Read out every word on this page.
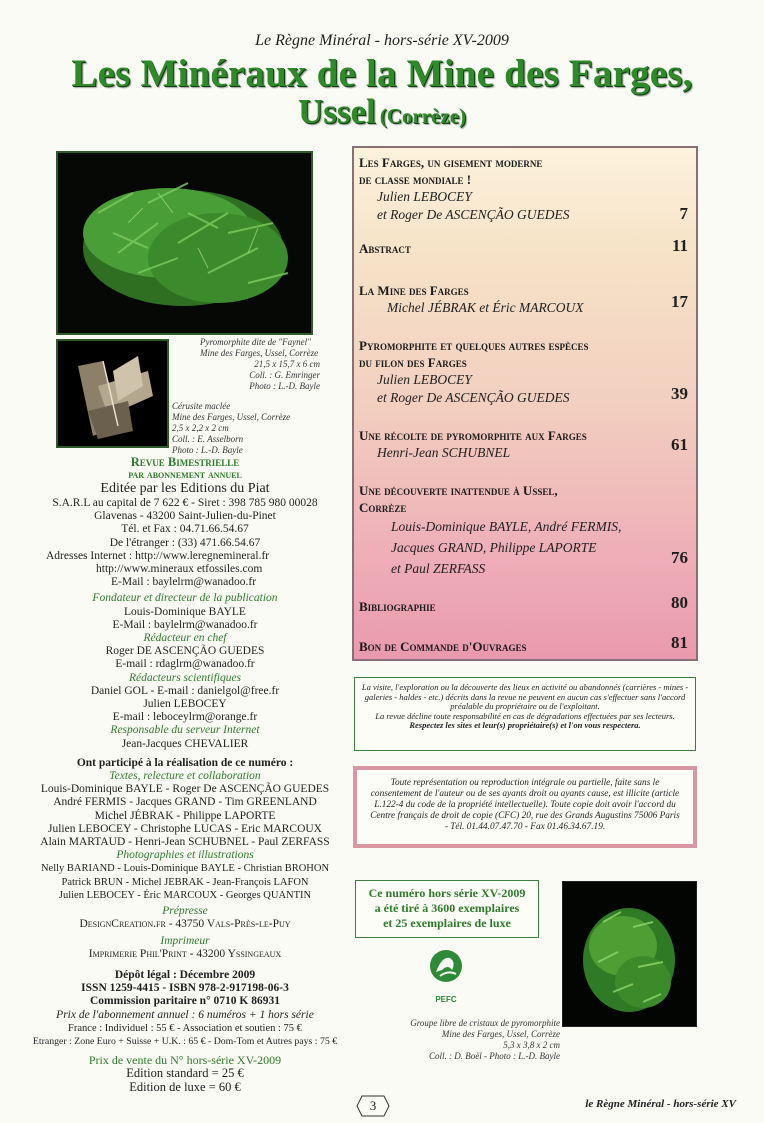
Le Règne Minéral - hors-série XV-2009
Les Minéraux de la Mine des Farges,
Ussel (Corrèze)
Pyromorphite dite de "Faynel"
Mine des Farges, Ussel, Corrèze
21,5 x 15,7 x 6 cm
Coll. : G. Emringer
Photo : L.-D. Bayle
Cérusite maclée
Mine des Farges, Ussel, Corrèze
2,5 x 2,2 x 2 cm
Coll. : E. Asselborn
Photo : L.-D. Bayle
Revue Bimestrielle
par abonnement annuel
Editée par les Editions du Piat
S.A.R.L au capital de 7 622 € - Siret : 398 785 980 00028
Glavenas - 43200 Saint-Julien-du-Pinet
Tél. et Fax : 04.71.66.54.67
De l'étranger : (33) 471.66.54.67
Adresses Internet : http://www.leregnemineral.fr
http://www.mineraux etfossiles.com
E-Mail : baylelrm@wanadoo.fr
Fondateur et directeur de la publication
Louis-Dominique BAYLE
E-Mail : baylelrm@wanadoo.fr
Rédacteur en chef
Roger DE ASCENÇÃO GUEDES
E-mail : rdaglrm@wanadoo.fr
Rédacteurs scientifiques
Daniel GOL - E-mail : danielgol@free.fr
Julien LEBOCEY
E-mail : leboceylrm@orange.fr
Responsable du serveur Internet
Jean-Jacques CHEVALIER
Ont participé à la réalisation de ce numéro :
Textes, relecture et collaboration
Louis-Dominique BAYLE - Roger De ASCENÇÃO GUEDES
André FERMIS - Jacques GRAND - Tim GREENLAND
Michel JÉBRAK - Philippe LAPORTE
Julien LEBOCEY - Christophe LUCAS - Eric MARCOUX
Alain MARTAUD - Henri-Jean SCHUBNEL - Paul ZERFASS
Photographies et illustrations
Nelly BARIAND - Louis-Dominique BAYLE - Christian BROHON
Patrick BRUN - Michel JEBRAK - Jean-François LAFON
Julien LEBOCEY - Éric MARCOUX - Georges QUANTIN
Prépresse
DesignCreation.fr - 43750 Vals-Près-le-Puy
Imprimeur
Imprimerie Phil'Print - 43200 Yssingeaux
Dépôt légal : Décembre 2009
ISSN 1259-4415 - ISBN 978-2-917198-06-3
Commission paritaire n° 0710 K 86931
Prix de l'abonnement annuel : 6 numéros + 1 hors série
France : Individuel : 55 € - Association et soutien : 75 €
Etranger : Zone Euro + Suisse + U.K. : 65 € - Dom-Tom et Autres pays : 75 €
Prix de vente du N° hors-série XV-2009
Edition standard = 25 €
Edition de luxe = 60 €
Les Farges, un gisement moderne
de classe mondiale !
Julien LEBOCEY
et Roger De ASCENÇÃO GUEDES	7
Abstract	11
La Mine des Farges
Michel JÉBRAK et Éric MARCOUX	17
Pyromorphite et quelques autres espèces
du filon des Farges
Julien LEBOCEY
et Roger De ASCENÇÃO GUEDES	39
Une récolte de pyromorphite aux Farges
Henri-Jean SCHUBNEL	61
Une découverte inattendue à Ussel,
Corrèze
Louis-Dominique BAYLE, André FERMIS,
Jacques GRAND, Philippe LAPORTE
et Paul ZERFASS
76
Bibliographie	80
Bon de Commande d'Ouvrages	81
La visite, l'exploration ou la découverte des lieux en activité ou abandonnés (carrières - mines - galeries - haldes - etc.) décrits dans la revue ne peuvent en aucun cas s'effectuer sans l'accord préalable du propriétaire ou de l'exploitant.
La revue décline toute responsabilité en cas de dégradations effectuées par ses lecteurs.
Respectez les sites et leur(s) propriétaire(s) et l'on vous respectera.
Toute représentation ou reproduction intégrale ou partielle, faite sans le consentement de l'auteur ou de ses ayants droit ou ayants cause, est illicite (article L.122-4 du code de la propriété intellectuelle). Toute copie doit avoir l'accord du Centre français de droit de copie (CFC) 20, rue des Grands Augustins 75006 Paris - Tél. 01.44.07.47.70 - Fax 01.46.34.67.19.
Ce numéro hors série XV-2009
a été tiré à 3600 exemplaires
et 25 exemplaires de luxe
PEFC
Groupe libre de cristaux de pyromorphite
Mine des Farges, Ussel, Corrèze
5,3 x 3,8 x 2 cm
Coll. : D. Boël - Photo : L.-D. Bayle
3	le Règne Minéral - hors-série XV
